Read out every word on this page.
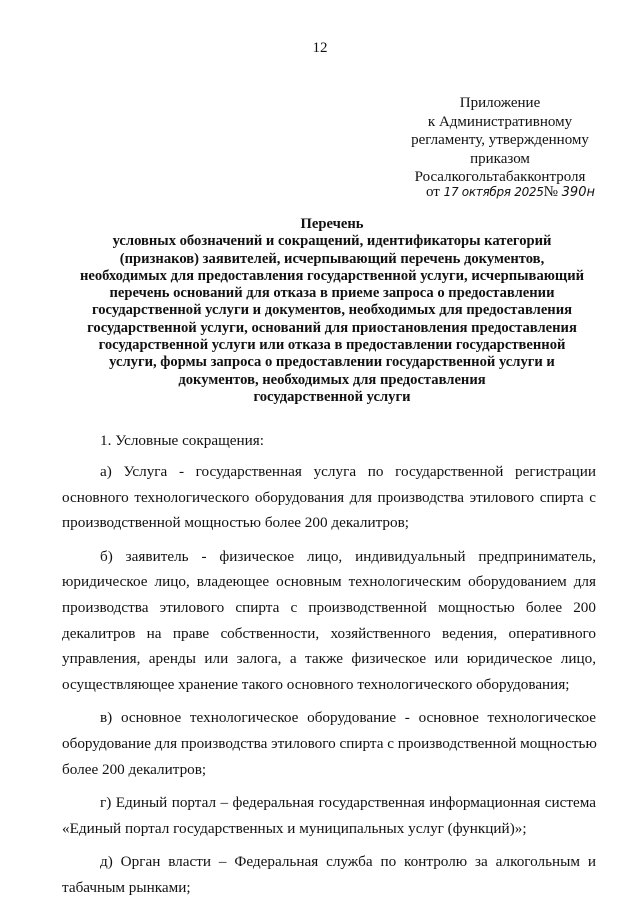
12
Приложение
к Административному
регламенту, утвержденному
приказом
Росалкогольтабакконтроля
от 17 октября 2025№ 390н
Перечень
условных обозначений и сокращений, идентификаторы категорий
(признаков) заявителей, исчерпывающий перечень документов,
необходимых для предоставления государственной услуги, исчерпывающий
перечень оснований для отказа в приеме запроса о предоставлении
государственной услуги и документов, необходимых для предоставления
государственной услуги, оснований для приостановления предоставления
государственной услуги или отказа в предоставлении государственной
услуги, формы запроса о предоставлении государственной услуги и
документов, необходимых для предоставления
государственной услуги
1. Условные сокращения:
а) Услуга - государственная услуга по государственной регистрации
основного технологического оборудования для производства этилового спирта с
производственной мощностью более 200 декалитров;
б) заявитель - физическое лицо, индивидуальный предприниматель,
юридическое лицо, владеющее основным технологическим оборудованием для
производства этилового спирта с производственной мощностью более 200
декалитров на праве собственности, хозяйственного ведения, оперативного
управления, аренды или залога, а также физическое или юридическое лицо,
осуществляющее хранение такого основного технологического оборудования;
в) основное технологическое оборудование - основное технологическое
оборудование для производства этилового спирта с производственной мощностью
более 200 декалитров;
г) Единый портал – федеральная государственная информационная система
«Единый портал государственных и муниципальных услуг (функций)»;
д) Орган власти – Федеральная служба по контролю за алкогольным и
табачным рынками;
